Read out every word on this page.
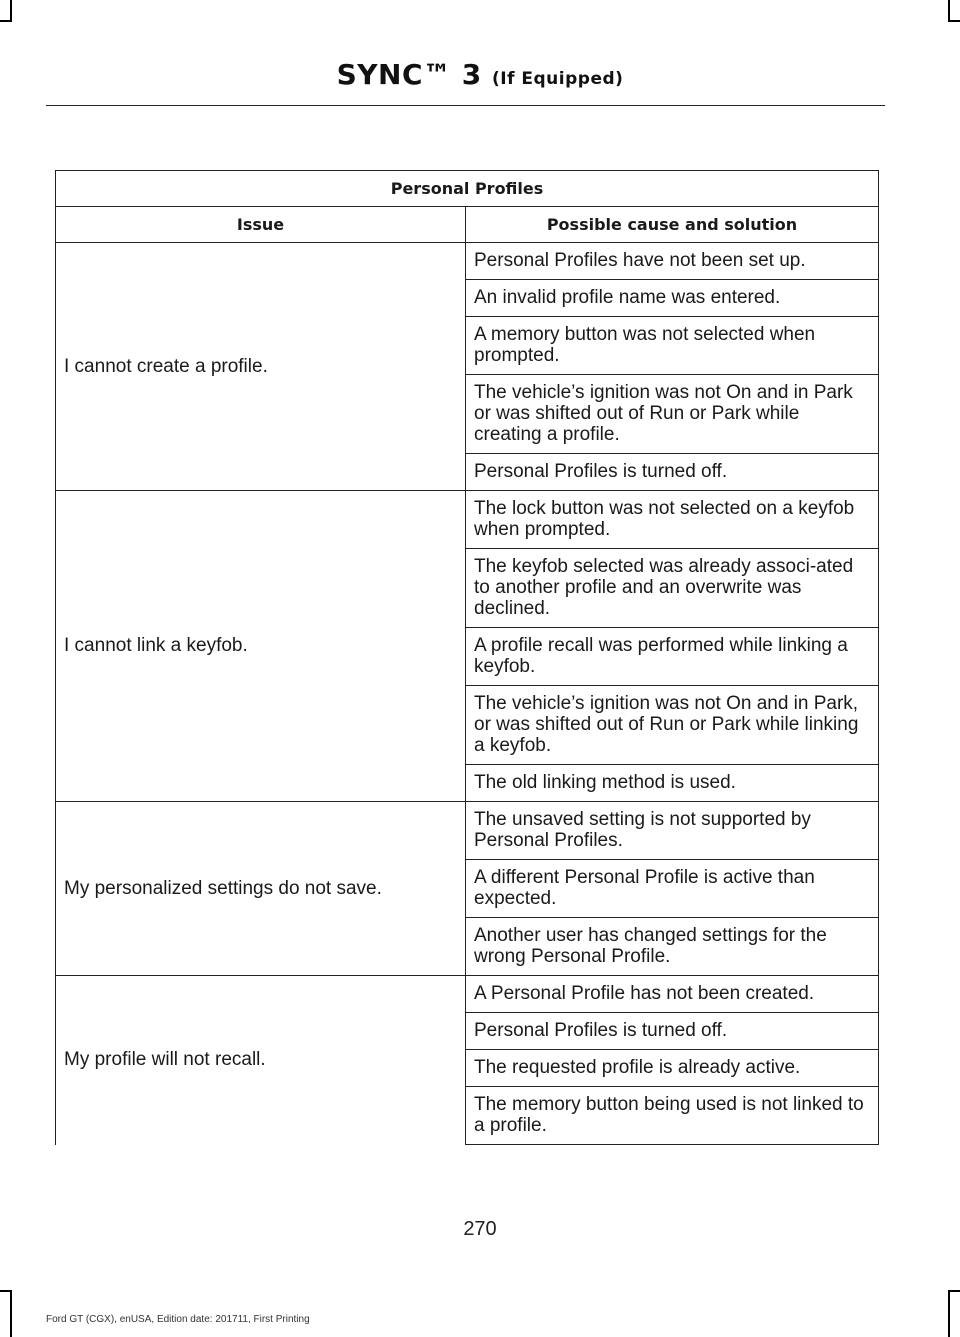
SYNC™ 3 (If Equipped)
Personal Profiles	
Issue	Possible cause and solution
I cannot create a profile.	Personal Profiles have not been set up.
	An invalid profile name was entered.
	A memory button was not selected when prompted.
	The vehicle’s ignition was not On and in Park or was shifted out of Run or Park while creating a profile.
	Personal Profiles is turned off.
I cannot link a keyfob.	The lock button was not selected on a keyfob when prompted.
	The keyfob selected was already associ-ated to another profile and an overwrite was declined.
	A profile recall was performed while linking a keyfob.
	The vehicle’s ignition was not On and in Park, or was shifted out of Run or Park while linking a keyfob.
	The old linking method is used.
My personalized settings do not save.	The unsaved setting is not supported by Personal Profiles.
	A different Personal Profile is active than expected.
	Another user has changed settings for the wrong Personal Profile.
My profile will not recall.	A Personal Profile has not been created.
	Personal Profiles is turned off.
	The requested profile is already active.
	The memory button being used is not linked to a profile.
270
Ford GT (CGX), enUSA, Edition date: 201711, First Printing
